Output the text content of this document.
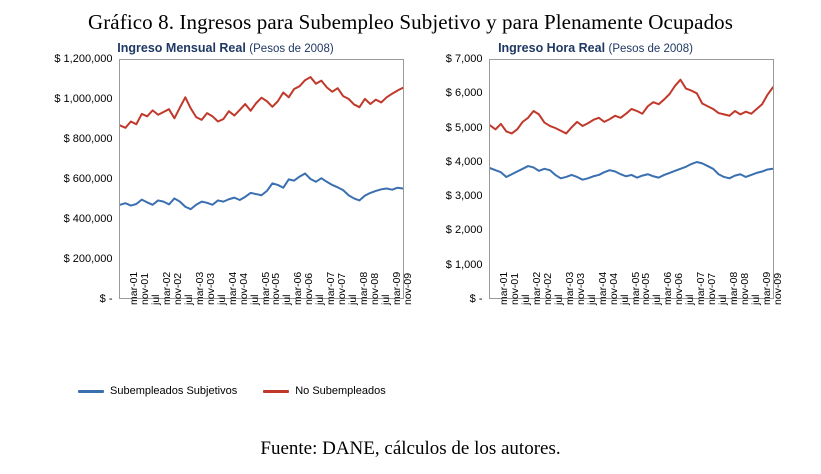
Gráfico 8. Ingresos para Subempleo Subjetivo y para Plenamente Ocupados
Ingreso Mensual Real (Pesos de 2008)
$ -
$ 200,000
$ 400,000
$ 600,000
$ 800,000
$ 1,000,000
$ 1,200,000
mar-01
nov-01
jul
mar-02
nov-02
jul
mar-03
nov-03
jul
mar-04
nov-04
jul
mar-05
nov-05
jul
mar-06
nov-06
jul
mar-07
nov-07
jul
mar-08
nov-08
jul
mar-09
nov-09
Ingreso Hora Real (Pesos de 2008)
$ -
$ 1,000
$ 2,000
$ 3,000
$ 4,000
$ 5,000
$ 6,000
$ 7,000
mar-01
nov-01
jul
mar-02
nov-02
jul
mar-03
nov-03
jul
mar-04
nov-04
jul
mar-05
nov-05
jul
mar-06
nov-06
jul
mar-07
nov-07
jul
mar-08
nov-08
jul
mar-09
nov-09
Subempleados Subjetivos	No Subempleados
Fuente: DANE, cálculos de los autores.
